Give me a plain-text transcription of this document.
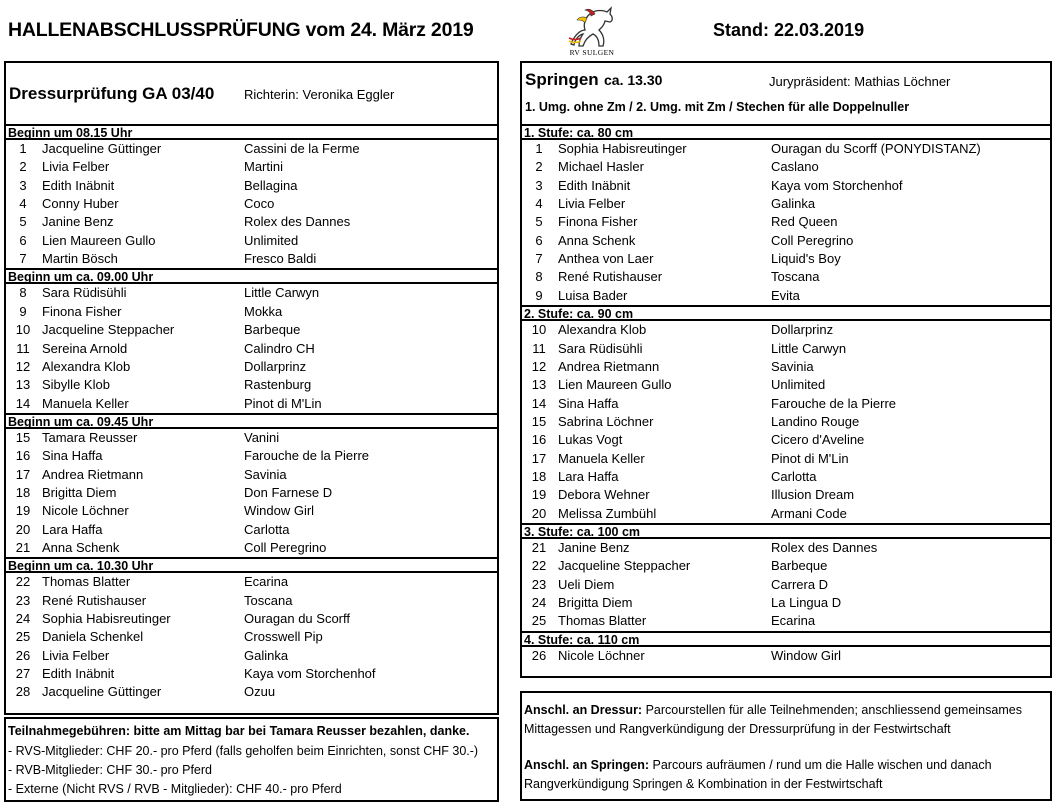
HALLENABSCHLUSSPRÜFUNG vom 24. März 2019
RV SULGEN
Stand: 22.03.2019
Dressurprüfung GA 03/40 Richterin: Veronika Eggler
Beginn um 08.15 Uhr
1	Jacqueline Güttinger	Cassini de la Ferme
2	Livia Felber	Martini
3	Edith Inäbnit	Bellagina
4	Conny Huber	Coco
5	Janine Benz	Rolex des Dannes
6	Lien Maureen Gullo	Unlimited
7	Martin Bösch	Fresco Baldi
Beginn um ca. 09.00 Uhr
8	Sara Rüdisühli	Little Carwyn
9	Finona Fisher	Mokka
10 Jacqueline Steppacher	Barbeque
11 Sereina Arnold	Calindro CH
12 Alexandra Klob	Dollarprinz
13 Sibylle Klob	Rastenburg
14 Manuela Keller	Pinot di M'Lin
Beginn um ca. 09.45 Uhr
15 Tamara Reusser	Vanini
16 Sina Haffa	Farouche de la Pierre
17 Andrea Rietmann	Savinia
18 Brigitta Diem	Don Farnese D
19 Nicole Löchner	Window Girl
20 Lara Haffa	Carlotta
21 Anna Schenk	Coll Peregrino
Beginn um ca. 10.30 Uhr
22 Thomas Blatter	Ecarina
23 René Rutishauser	Toscana
24 Sophia Habisreutinger	Ouragan du Scorff
25 Daniela Schenkel	Crosswell Pip
26 Livia Felber	Galinka
27 Edith Inäbnit	Kaya vom Storchenhof
28 Jacqueline Güttinger	Ozuu
Springen ca. 13.30	Jurypräsident: Mathias Löchner
1. Umg. ohne Zm / 2. Umg. mit Zm / Stechen für alle Doppelnuller
1. Stufe: ca. 80 cm
1	Sophia Habisreutinger	Ouragan du Scorff (PONYDISTANZ)
2	Michael Hasler	Caslano
3	Edith Inäbnit	Kaya vom Storchenhof
4	Livia Felber	Galinka
5	Finona Fisher	Red Queen
6	Anna Schenk	Coll Peregrino
7	Anthea von Laer	Liquid's Boy
8	René Rutishauser	Toscana
9	Luisa Bader	Evita
2. Stufe: ca. 90 cm
10 Alexandra Klob	Dollarprinz
11 Sara Rüdisühli	Little Carwyn
12 Andrea Rietmann	Savinia
13 Lien Maureen Gullo	Unlimited
14 Sina Haffa	Farouche de la Pierre
15 Sabrina Löchner	Landino Rouge
16 Lukas Vogt	Cicero d'Aveline
17 Manuela Keller	Pinot di M'Lin
18 Lara Haffa	Carlotta
19 Debora Wehner	Illusion Dream
20 Melissa Zumbühl	Armani Code
3. Stufe: ca. 100 cm
21 Janine Benz	Rolex des Dannes
22 Jacqueline Steppacher	Barbeque
23 Ueli Diem	Carrera D
24 Brigitta Diem	La Lingua D
25 Thomas Blatter	Ecarina
4. Stufe: ca. 110 cm
26 Nicole Löchner	Window Girl
Teilnahmegebühren: bitte am Mittag bar bei Tamara Reusser bezahlen, danke.
- RVS-Mitglieder: CHF 20.- pro Pferd (falls geholfen beim Einrichten, sonst CHF 30.-)
- RVB-Mitglieder: CHF 30.- pro Pferd
- Externe (Nicht RVS / RVB - Mitglieder): CHF 40.- pro Pferd
Anschl. an Dressur: Parcourstellen für alle Teilnehmenden; anschliessend gemeinsames
Mittagessen und Rangverkündigung der Dressurprüfung in der Festwirtschaft
Anschl. an Springen: Parcours aufräumen / rund um die Halle wischen und danach
Rangverkündigung Springen & Kombination in der Festwirtschaft
